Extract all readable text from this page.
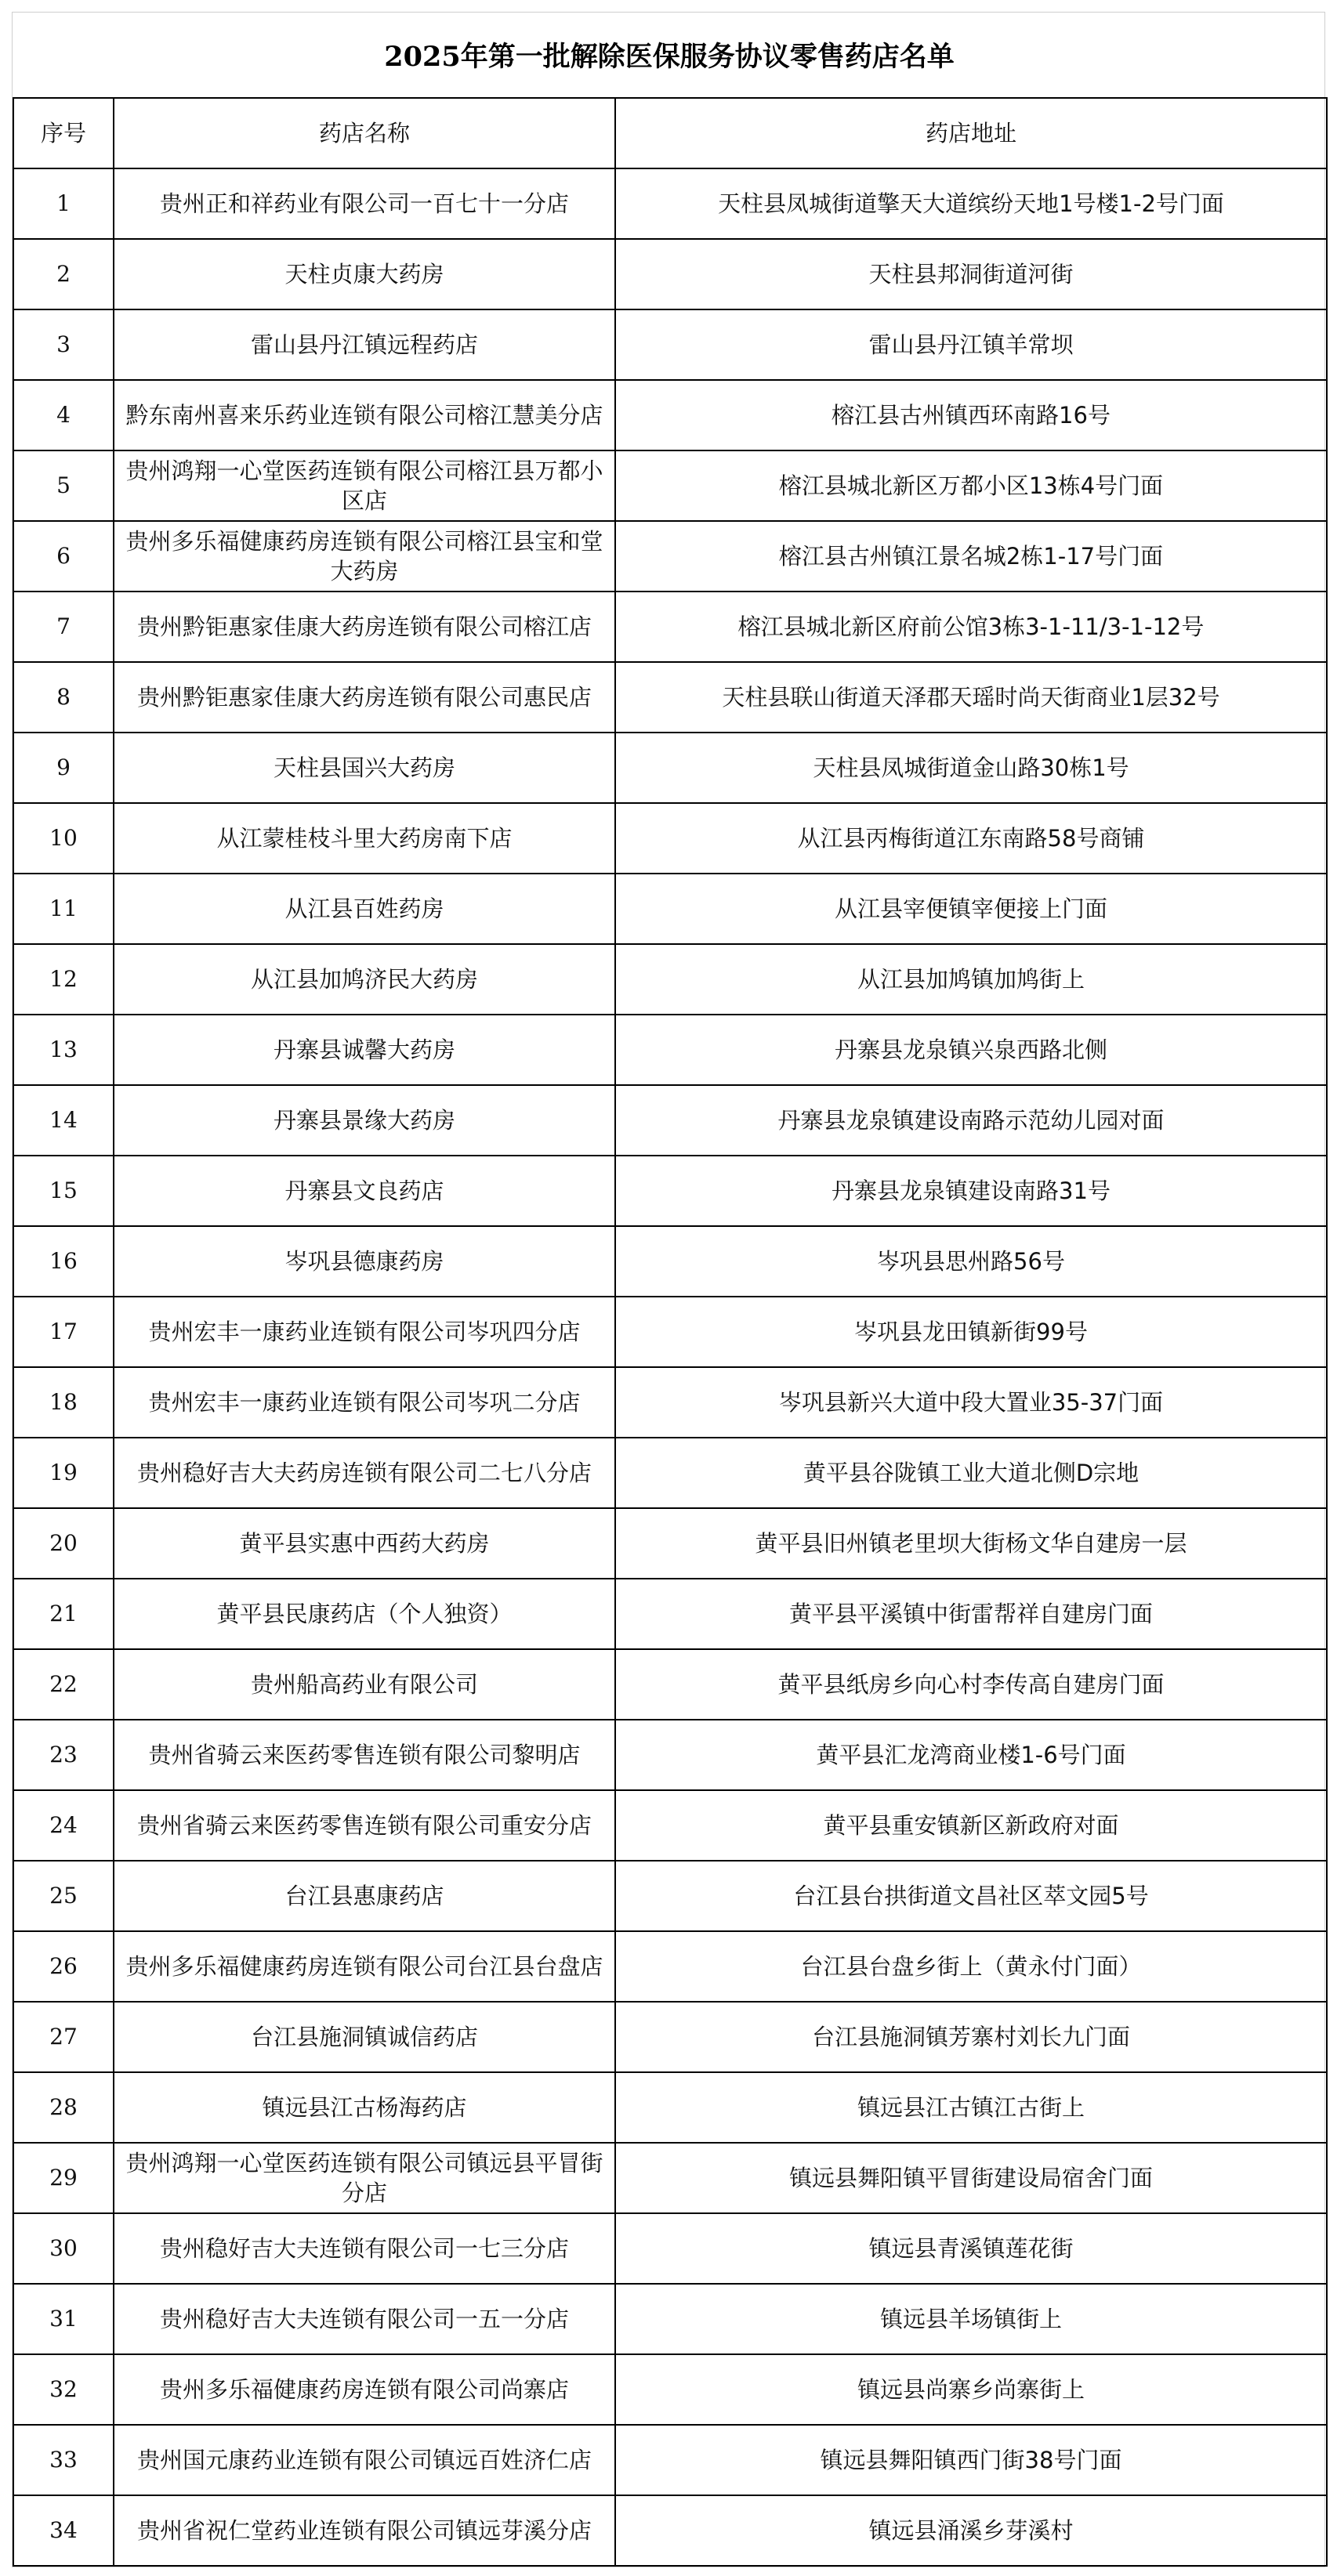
2025年第一批解除医保服务协议零售药店名单
序号	药店名称	药店地址
1	贵州正和祥药业有限公司一百七十一分店	天柱县凤城街道擎天大道缤纷天地1号楼1-2号门面
2	天柱贞康大药房	天柱县邦洞街道河街
3	雷山县丹江镇远程药店	雷山县丹江镇羊常坝
4	黔东南州喜来乐药业连锁有限公司榕江慧美分店	榕江县古州镇西环南路16号
5	贵州鸿翔一心堂医药连锁有限公司榕江县万都小区店	榕江县城北新区万都小区13栋4号门面
6	贵州多乐福健康药房连锁有限公司榕江县宝和堂大药房	榕江县古州镇江景名城2栋1-17号门面
7	贵州黔钜惠家佳康大药房连锁有限公司榕江店	榕江县城北新区府前公馆3栋3-1-11/3-1-12号
8	贵州黔钜惠家佳康大药房连锁有限公司惠民店	天柱县联山街道天泽郡天瑶时尚天街商业1层32号
9	天柱县国兴大药房	天柱县凤城街道金山路30栋1号
10	从江蒙桂枝斗里大药房南下店	从江县丙梅街道江东南路58号商铺
11	从江县百姓药房	从江县宰便镇宰便接上门面
12	从江县加鸠济民大药房	从江县加鸠镇加鸠街上
13	丹寨县诚馨大药房	丹寨县龙泉镇兴泉西路北侧
14	丹寨县景缘大药房	丹寨县龙泉镇建设南路示范幼儿园对面
15	丹寨县文良药店	丹寨县龙泉镇建设南路31号
16	岑巩县德康药房	岑巩县思州路56号
17	贵州宏丰一康药业连锁有限公司岑巩四分店	岑巩县龙田镇新街99号
18	贵州宏丰一康药业连锁有限公司岑巩二分店	岑巩县新兴大道中段大置业35-37门面
19	贵州稳好吉大夫药房连锁有限公司二七八分店	黄平县谷陇镇工业大道北侧D宗地
20	黄平县实惠中西药大药房	黄平县旧州镇老里坝大街杨文华自建房一层
21	黄平县民康药店（个人独资）	黄平县平溪镇中街雷帮祥自建房门面
22	贵州船高药业有限公司	黄平县纸房乡向心村李传高自建房门面
23	贵州省骑云来医药零售连锁有限公司黎明店	黄平县汇龙湾商业楼1-6号门面
24	贵州省骑云来医药零售连锁有限公司重安分店	黄平县重安镇新区新政府对面
25	台江县惠康药店	台江县台拱街道文昌社区萃文园5号
26	贵州多乐福健康药房连锁有限公司台江县台盘店	台江县台盘乡街上（黄永付门面）
27	台江县施洞镇诚信药店	台江县施洞镇芳寨村刘长九门面
28	镇远县江古杨海药店	镇远县江古镇江古街上
29	贵州鸿翔一心堂医药连锁有限公司镇远县平冒街分店	镇远县舞阳镇平冒街建设局宿舍门面
30	贵州稳好吉大夫连锁有限公司一七三分店	镇远县青溪镇莲花街
31	贵州稳好吉大夫连锁有限公司一五一分店	镇远县羊场镇街上
32	贵州多乐福健康药房连锁有限公司尚寨店	镇远县尚寨乡尚寨街上
33	贵州国元康药业连锁有限公司镇远百姓济仁店	镇远县舞阳镇西门街38号门面
34	贵州省祝仁堂药业连锁有限公司镇远芽溪分店	镇远县涌溪乡芽溪村
